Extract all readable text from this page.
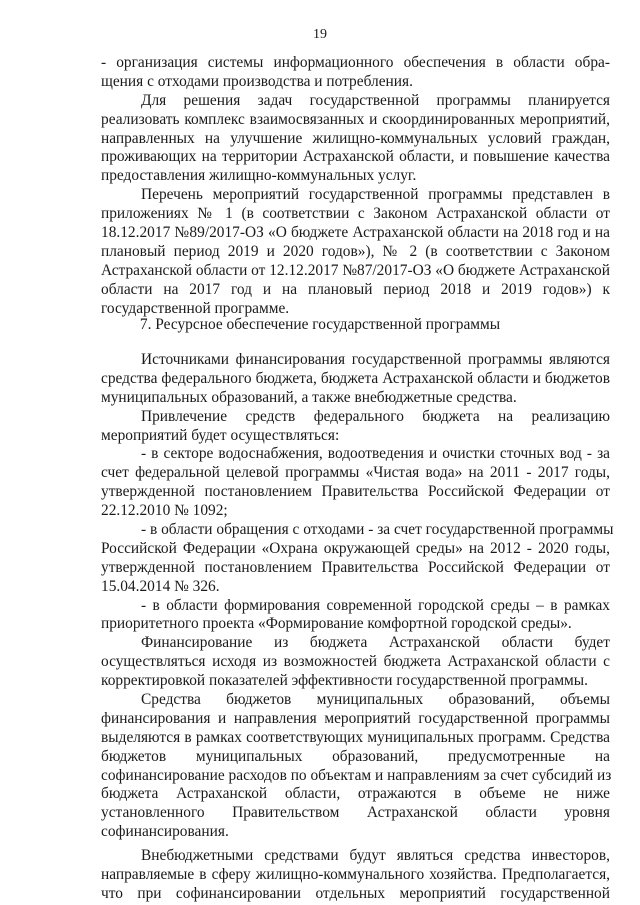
19
- организация системы информационного обеспечения в области обра-
щения с отходами производства и потребления.
Для решения задач государственной программы планируется
реализовать комплекс взаимосвязанных и скоординированных мероприятий,
направленных на улучшение жилищно-коммунальных условий граждан,
проживающих на территории Астраханской области, и повышение качества
предоставления жилищно-коммунальных услуг.
Перечень мероприятий государственной программы представлен в
приложениях № 1 (в соответствии с Законом Астраханской области от
18.12.2017 №89/2017-ОЗ «О бюджете Астраханской области на 2018 год и на
плановый период 2019 и 2020 годов»), № 2 (в соответствии с Законом
Астраханской области от 12.12.2017 №87/2017-ОЗ «О бюджете Астраханской
области на 2017 год и на плановый период 2018 и 2019 годов») к
государственной программе.
7. Ресурсное обеспечение государственной программы
Источниками финансирования государственной программы являются
средства федерального бюджета, бюджета Астраханской области и бюджетов
муниципальных образований, а также внебюджетные средства.
Привлечение средств федерального бюджета на реализацию
мероприятий будет осуществляться:
- в секторе водоснабжения, водоотведения и очистки сточных вод - за
счет федеральной целевой программы «Чистая вода» на 2011 - 2017 годы,
утвержденной постановлением Правительства Российской Федерации от
22.12.2010 № 1092;
- в области обращения с отходами - за счет государственной программы
Российской Федерации «Охрана окружающей среды» на 2012 - 2020 годы,
утвержденной постановлением Правительства Российской Федерации от
15.04.2014 № 326.
- в области формирования современной городской среды – в рамках
приоритетного проекта «Формирование комфортной городской среды».
Финансирование из бюджета Астраханской области будет
осуществляться исходя из возможностей бюджета Астраханской области с
корректировкой показателей эффективности государственной программы.
Средства бюджетов муниципальных образований, объемы
финансирования и направления мероприятий государственной программы
выделяются в рамках соответствующих муниципальных программ. Средства
бюджетов муниципальных образований, предусмотренные на
софинансирование расходов по объектам и направлениям за счет субсидий из
бюджета Астраханской области, отражаются в объеме не ниже
установленного Правительством Астраханской области уровня
софинансирования.
Внебюджетными средствами будут являться средства инвесторов,
направляемые в сферу жилищно-коммунального хозяйства. Предполагается,
что при софинансировании отдельных мероприятий государственной
